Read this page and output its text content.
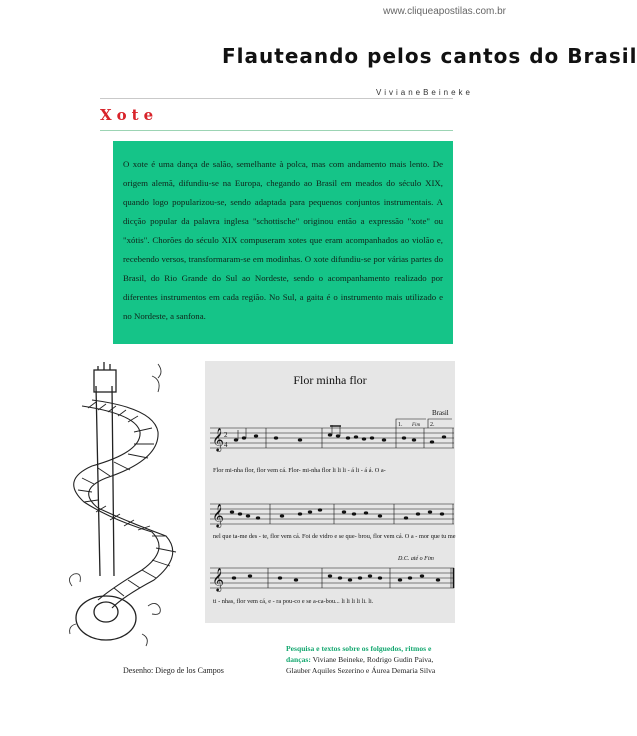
www.cliqueapostilas.com.br
Flauteando pelos cantos do Brasil
VivianeBeineke
Xote

O xote é uma dança de salão, semelhante à polca, mas com andamento mais lento. De origem alemã, difundiu-se na Europa, chegando ao Brasil em meados do século XIX, quando logo popularizou-se, sendo adaptada para pequenos conjuntos instrumentais. A dicção popular da palavra inglesa "schottische" originou então a expressão "xote" ou "xótis". Chorões do século XIX compuseram xotes que eram acompanhados ao violão e, recebendo versos, transformaram-se em modinhas. O xote difundiu-se por várias partes do Brasil, do Rio Grande do Sul ao Nordeste, sendo o acompanhamento realizado por diferentes instrumentos em cada região. No Sul, a gaita é o instrumento mais utilizado e no Nordeste, a sanfona.

Desenho: Diego de los Campos
Flor minha flor
Brasil
𝄞 2
4
1. Fim 2.
Flor mi-nha flor, flor vem cá. Flor- mi-nha flor li li li - á li - á á. O a-
𝄞
nel que ta-me des - te, flor vem cá. Foi de vidro e se que- brou, flor vem cá. O a - mor que tu me
D.C. até o Fim
𝄞
ti - nhas, flor vem cá, e - ra pou-co e se a-ca-bou... li li li li li. li.
Pesquisa e textos sobre os folguedos, ritmos e danças: Viviane Beineke, Rodrigo Gudin Paiva, Glauber Aquiles Sezerino e Áurea Demaria Silva
